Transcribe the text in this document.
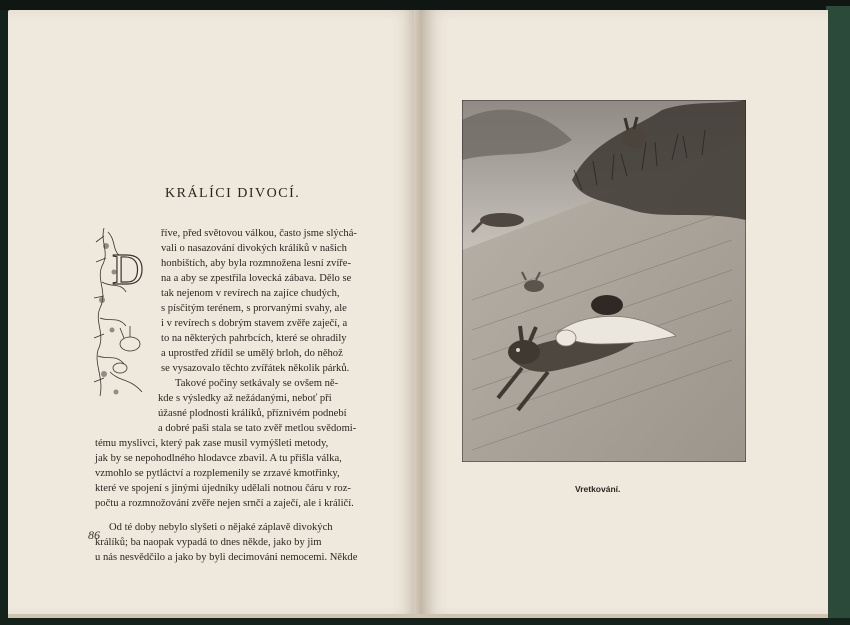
KRÁLÍCI DIVOCÍ.
D

říve, před světovou válkou, často jsme slýchá-

vali o nasazování divokých králíků v našich

honbištích, aby byla rozmnožena lesní zvíře-

na a aby se zpestřila lovecká zábava. Dělo se

tak nejenom v revírech na zajíce chudých,

s písčitým terénem, s prorvanými svahy, ale

i v revírech s dobrým stavem zvěře zaječí, a

to na některých pahrbcích, které se ohradily

a uprostřed zřídil se umělý brloh, do něhož

se vysazovalo těchto zvířátek několik párků.

Takové počiny setkávaly se ovšem ně-

kde s výsledky až nežádanými, neboť při

úžasné plodnosti králíků, příznivém podnebí

a dobré paši stala se tato zvěř metlou svědomi-

tému myslivci, který pak zase musil vymýšleti metody,

jak by se nepohodlného hlodavce zbavil. A tu přišla válka,

vzmohlo se pytláctví a rozplemenily se zrzavé kmotřinky,

které ve spojení s jinými újedníky udělali notnou čáru v roz-

počtu a rozmnožování zvěře nejen srnčí a zaječí, ale i králičí.

Od té doby nebylo slyšeti o nějaké záplavě divokých

králíků; ba naopak vypadá to dnes někde, jako by jim

u nás nesvědčilo a jako by byli decimováni nemocemi. Někde

86
Vretkování.
